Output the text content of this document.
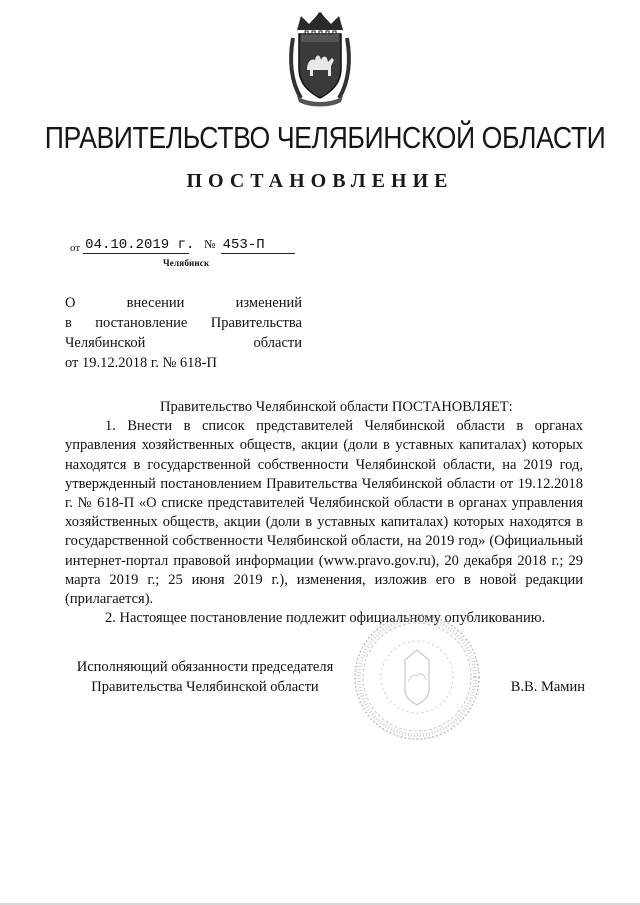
ПРАВИТЕЛЬСТВО ЧЕЛЯБИНСКОЙ ОБЛАСТИ
ПОСТАНОВЛЕНИЕ
от 04.10.2019 г. № 453-П
Челябинск
О внесении изменений
в постановление Правительства
Челябинской области
от 19.12.2018 г. № 618-П
Правительство Челябинской области ПОСТАНОВЛЯЕТ:

1. Внести в список представителей Челябинской области в органах управления хозяйственных обществ, акции (доли в уставных капиталах) которых находятся в государственной собственности Челябинской области, на 2019 год, утвержденный постановлением Правительства Челябинской области от 19.12.2018 г. № 618-П «О списке представителей Челябинской области в органах управления хозяйственных обществ, акции (доли в уставных капиталах) которых находятся в государственной собственности Челябинской области, на 2019 год» (Официальный интернет-портал правовой информации (www.pravo.gov.ru), 20 декабря 2018 г.; 29 марта 2019 г.; 25 июня 2019 г.), изменения, изложив его в новой редакции (прилагается).

2. Настоящее постановление подлежит официальному опубликованию.

Исполняющий обязанности председателя
Правительства Челябинской области	В.В. Мамин
